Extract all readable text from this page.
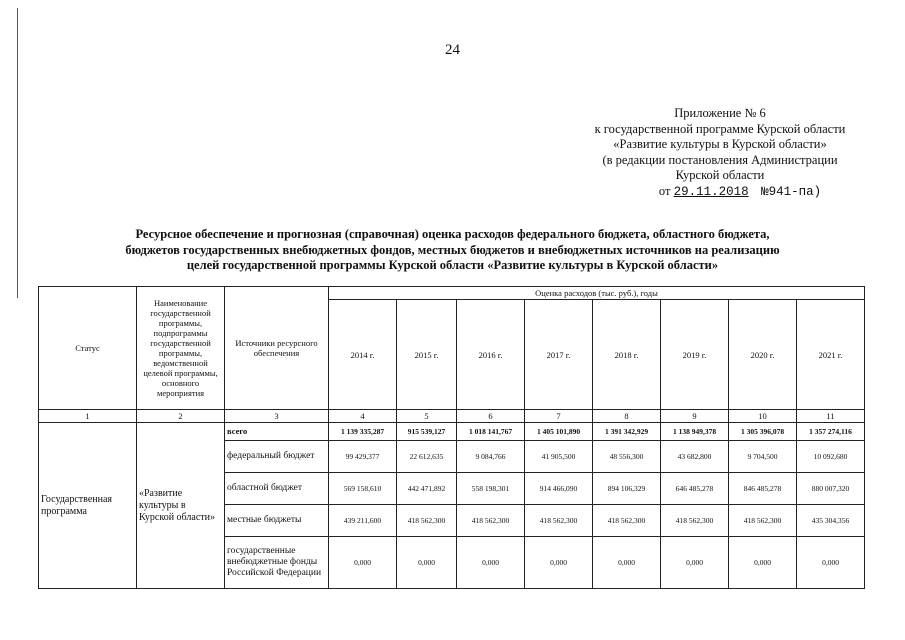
24
Приложение № 6
к государственной программе Курской области
«Развитие культуры в Курской области»
(в редакции постановления Администрации
Курской области
от 29.11.2018 №941-па)
Ресурсное обеспечение и прогнозная (справочная) оценка расходов федерального бюджета, областного бюджета,
бюджетов государственных внебюджетных фондов, местных бюджетов и внебюджетных источников на реализацию
целей государственной программы Курской области «Развитие культуры в Курской области»
Статус	Наименование государственной программы, подпрограммы государственной программы, ведомственной целевой программы, основного мероприятия	Источники ресурсного обеспечения	Оценка расходов (тыс. руб.), годы							
			2014 г.	2015 г.	2016 г.	2017 г.	2018 г.	2019 г.	2020 г.	2021 г.
1	2	3	4	5	6	7	8	9	10	11
Государственная программа	«Развитие культуры в Курской области»	всего	1 139 335,287	915 539,127	1 018 141,767	1 405 101,890	1 391 342,929	1 138 949,378	1 305 396,078	1 357 274,116
		федеральный бюджет	99 429,377	22 612,635	9 084,766	41 905,500	48 556,300	43 682,800	9 704,500	10 092,680
		областной бюджет	569 158,610	442 471,892	558 198,301	914 466,090	894 106,329	646 485,278	846 485,278	880 007,320
		местные бюджеты	439 211,600	418 562,300	418 562,300	418 562,300	418 562,300	418 562,300	418 562,300	435 304,356
		государственные внебюджетные фонды Российской Федерации	0,000	0,000	0,000	0,000	0,000	0,000	0,000	0,000
